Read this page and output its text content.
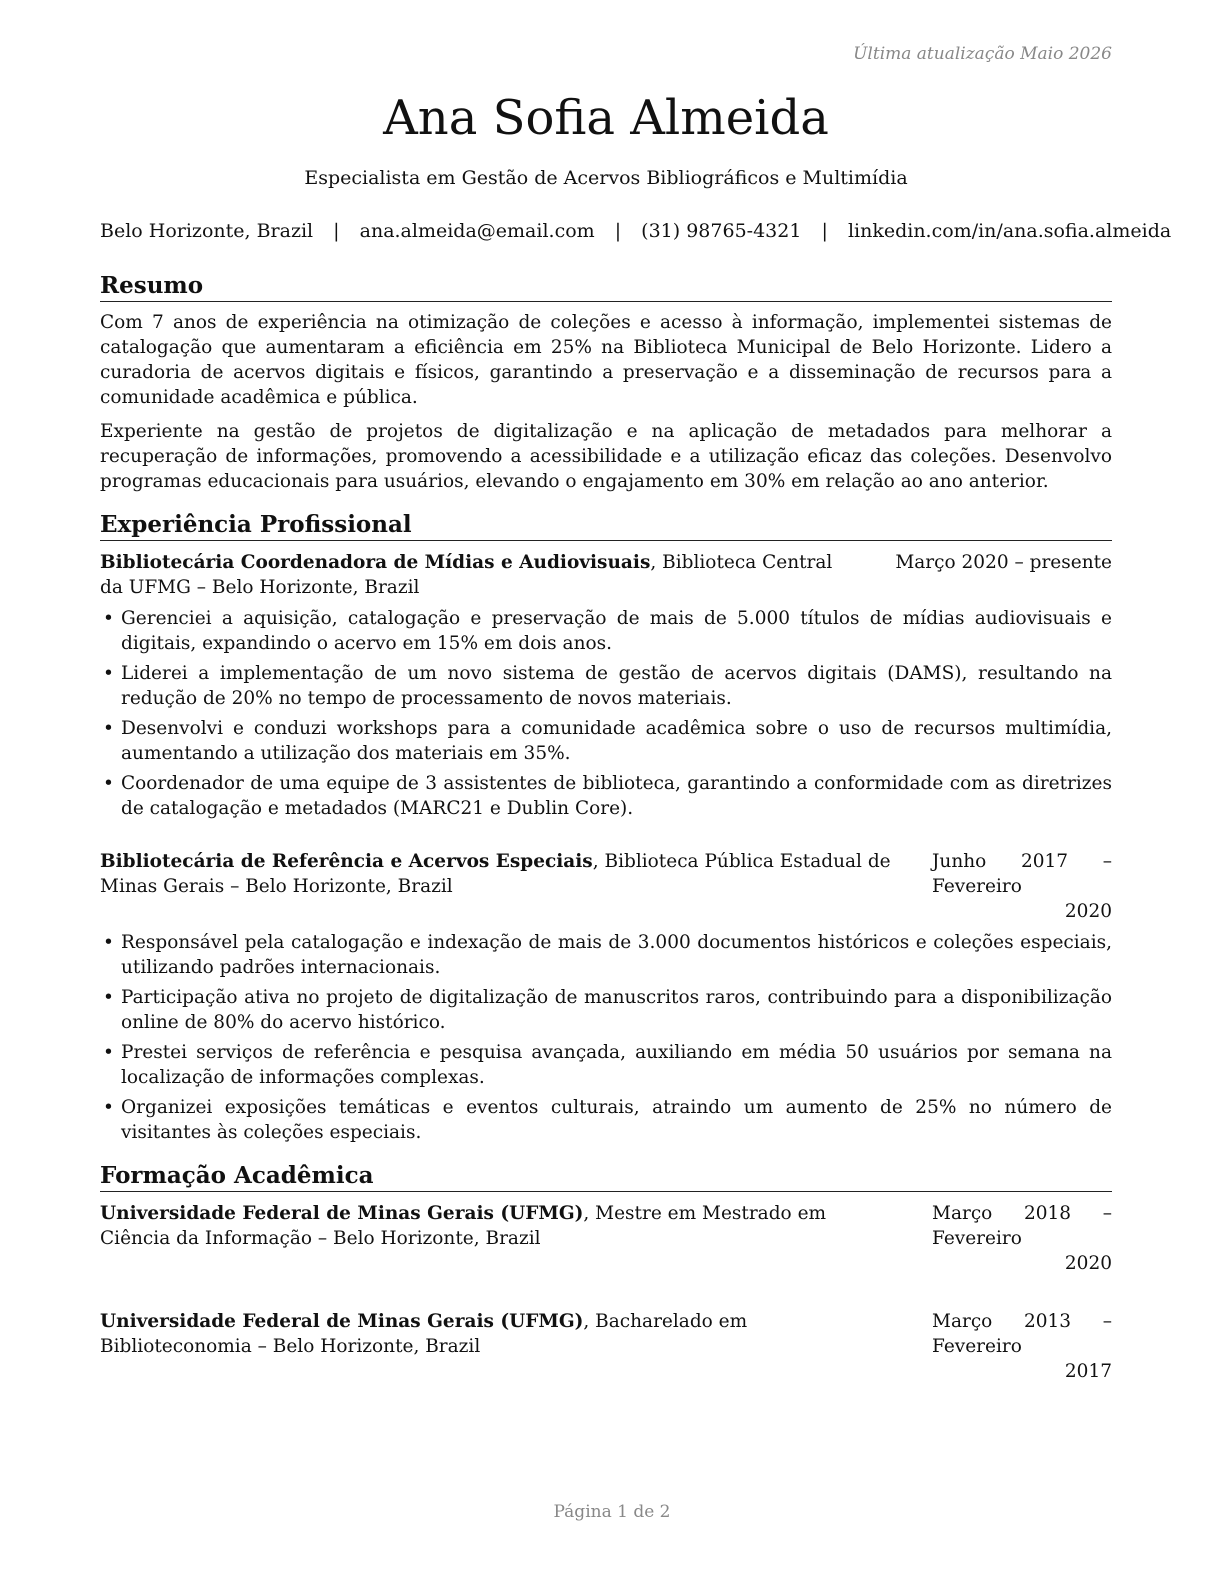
Última atualização Maio 2026
Ana Sofia Almeida
Especialista em Gestão de Acervos Bibliográficos e Multimídia
Belo Horizonte, Brazil | ana.almeida@email.com | (31) 98765-4321 | linkedin.com/in/ana.sofia.almeida
Resumo

Com 7 anos de experiência na otimização de coleções e acesso à informação, implementei sistemas de catalogação que aumentaram a eficiência em 25% na Biblioteca Municipal de Belo Horizonte. Lidero a curadoria de acervos digitais e físicos, garantindo a preservação e a disseminação de recursos para a comunidade acadêmica e pública.

Experiente na gestão de projetos de digitalização e na aplicação de metadados para melhorar a recuperação de informações, promovendo a acessibilidade e a utilização eficaz das coleções. Desenvolvo programas educacionais para usuários, elevando o engajamento em 30% em relação ao ano anterior.

Experiência Profissional
Bibliotecária Coordenadora de Mídias e Audiovisuais, Biblioteca Central da UFMG – Belo Horizonte, Brazil
Março 2020 – presente
• Gerenciei a aquisição, catalogação e preservação de mais de 5.000 títulos de mídias audiovisuais e digitais, expandindo o acervo em 15% em dois anos.
• Liderei a implementação de um novo sistema de gestão de acervos digitais (DAMS), resultando na redução de 20% no tempo de processamento de novos materiais.
• Desenvolvi e conduzi workshops para a comunidade acadêmica sobre o uso de recursos multimídia, aumentando a utilização dos materiais em 35%.
• Coordenador de uma equipe de 3 assistentes de biblioteca, garantindo a conformidade com as diretrizes de catalogação e metadados (MARC21 e Dublin Core).
Bibliotecária de Referência e Acervos Especiais, Biblioteca Pública Estadual de Minas Gerais – Belo Horizonte, Brazil
Junho 2017 – Fevereiro
2020
• Responsável pela catalogação e indexação de mais de 3.000 documentos históricos e coleções especiais, utilizando padrões internacionais.
• Participação ativa no projeto de digitalização de manuscritos raros, contribuindo para a disponibilização online de 80% do acervo histórico.
• Prestei serviços de referência e pesquisa avançada, auxiliando em média 50 usuários por semana na localização de informações complexas.
• Organizei exposições temáticas e eventos culturais, atraindo um aumento de 25% no número de visitantes às coleções especiais.
Formação Acadêmica
Universidade Federal de Minas Gerais (UFMG), Mestre em Mestrado em Ciência da Informação – Belo Horizonte, Brazil
Março 2018 – Fevereiro
2020
Universidade Federal de Minas Gerais (UFMG), Bacharelado em Biblioteconomia – Belo Horizonte, Brazil
Março 2013 – Fevereiro
2017
Página 1 de 2
